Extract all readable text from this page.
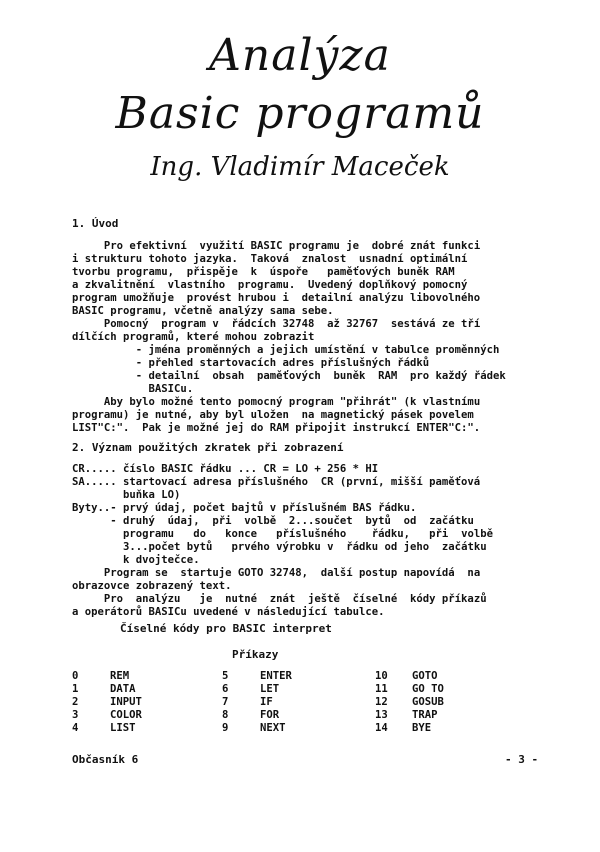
Analýza
Basic programů
Ing. Vladimír Maceček
1. Úvod

Pro efektivní  využití BASIC programu je  dobré znát funkci

i strukturu tohoto jazyka.  Taková  znalost  usnadní optimální

tvorbu programu,  přispěje  k  úspoře   paměťových buněk RAM

a zkvalitnění  vlastního  programu.  Uvedený doplňkový pomocný

program umožňuje  provést hrubou i  detailní analýzu libovolného

BASIC programu, včetně analýzy sama sebe.

Pomocný  program v  řádcích 32748  až 32767  sestává ze tří

dílčích programů, které mohou zobrazit

- jména proměnných a jejich umístění v tabulce proměnných

- přehled startovacích adres příslušných řádků

- detailní  obsah  paměťových  buněk  RAM  pro každý řádek

BASICu.

Aby bylo možné tento pomocný program "přihrát" (k vlastnímu

programu) je nutné, aby byl uložen  na magnetický pásek povelem

LIST"C:".  Pak je možné jej do RAM připojit instrukcí ENTER"C:".

2. Význam použitých zkratek při zobrazení

CR..... číslo BASIC řádku ... CR = LO + 256 * HI

SA..... startovací adresa příslušného  CR (první, mišší paměťová

buňka LO)

Byty..- prvý údaj, počet bajtů v příslušném BAS řádku.

- druhý  údaj,  při  volbě  2...součet  bytů  od  začátku

programu   do   konce   příslušného    řádku,   při  volbě

3...počet bytů   prvého výrobku v  řádku od jeho  začátku

k dvojtečce.

Program se  startuje GOTO 32748,  další postup napovídá  na

obrazovce zobrazený text.

Pro  analýzu   je  nutné  znát  ještě  číselné  kódy příkazů

a operátorů BASICu uvedené v následující tabulce.

Číselné kódy pro BASIC interpret
Příkazy
0	REM	5	ENTER	10 GOTO
1	DATA	6	LET	11 GO TO
2	INPUT	7	IF	12 GOSUB
3	COLOR	8	FOR	13 TRAP
4	LIST	9	NEXT	14 BYE
Občasník 6	- 3 -
